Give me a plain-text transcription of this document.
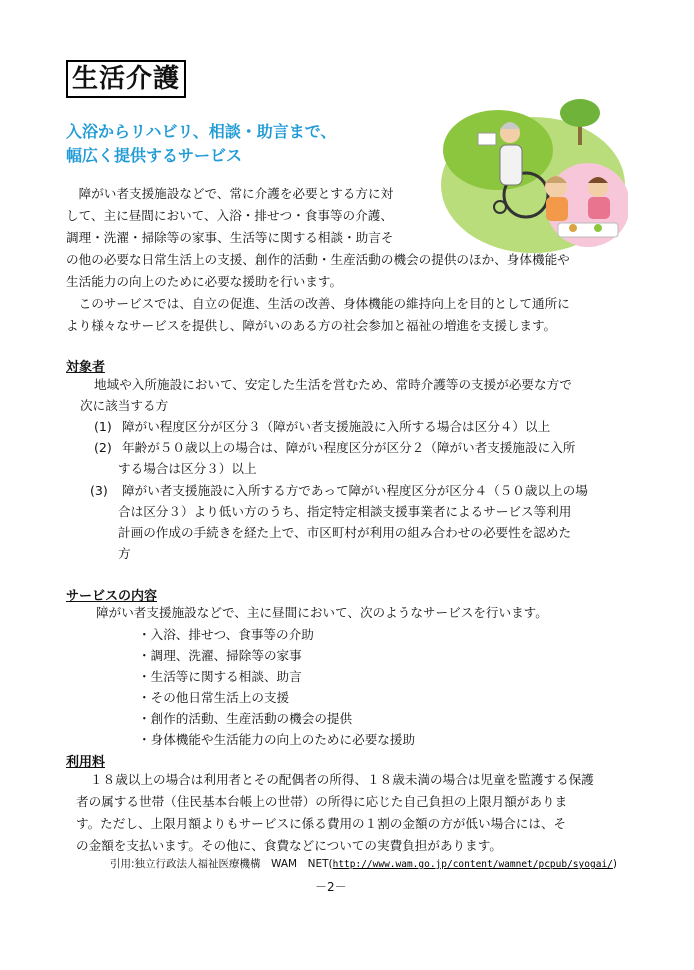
生活介護
入浴からリハビリ、相談・助言まで、
幅広く提供するサービス
　障がい者支援施設などで、常に介護を必要とする方に対
して、主に昼間において、入浴・排せつ・食事等の介護、
調理・洗濯・掃除等の家事、生活等に関する相談・助言そ
の他の必要な日常生活上の支援、創作的活動・生産活動の機会の提供のほか、身体機能や
生活能力の向上のために必要な援助を行います。
　このサービスでは、自立の促進、生活の改善、身体機能の維持向上を目的として通所に
より様々なサービスを提供し、障がいのある方の社会参加と福祉の増進を支援します。
対象者
地域や入所施設において、安定した生活を営むため、常時介護等の支援が必要な方で
次に該当する方
(1) 障がい程度区分が区分３（障がい者支援施設に入所する場合は区分４）以上
(2) 年齢が５０歳以上の場合は、障がい程度区分が区分２（障がい者支援施設に入所
する場合は区分３）以上
(3) 障がい者支援施設に入所する方であって障がい程度区分が区分４（５０歳以上の場
合は区分３）より低い方のうち、指定特定相談支援事業者によるサービス等利用
計画の作成の手続きを経た上で、市区町村が利用の組み合わせの必要性を認めた
方
サービスの内容
障がい者支援施設などで、主に昼間において、次のようなサービスを行います。
・入浴、排せつ、食事等の介助
・調理、洗濯、掃除等の家事
・生活等に関する相談、助言
・その他日常生活上の支援
・創作的活動、生産活動の機会の提供
・身体機能や生活能力の向上のために必要な援助
利用料
１８歳以上の場合は利用者とその配偶者の所得、１８歳未満の場合は児童を監護する保護
者の属する世帯（住民基本台帳上の世帯）の所得に応じた自己負担の上限月額がありま
す。ただし、上限月額よりもサービスに係る費用の１割の金額の方が低い場合には、そ
の金額を支払います。その他に、食費などについての実費負担があります。
引用:独立行政法人福祉医療機構　WAM　NET(http://www.wam.go.jp/content/wamnet/pcpub/syogai/)
－2－
